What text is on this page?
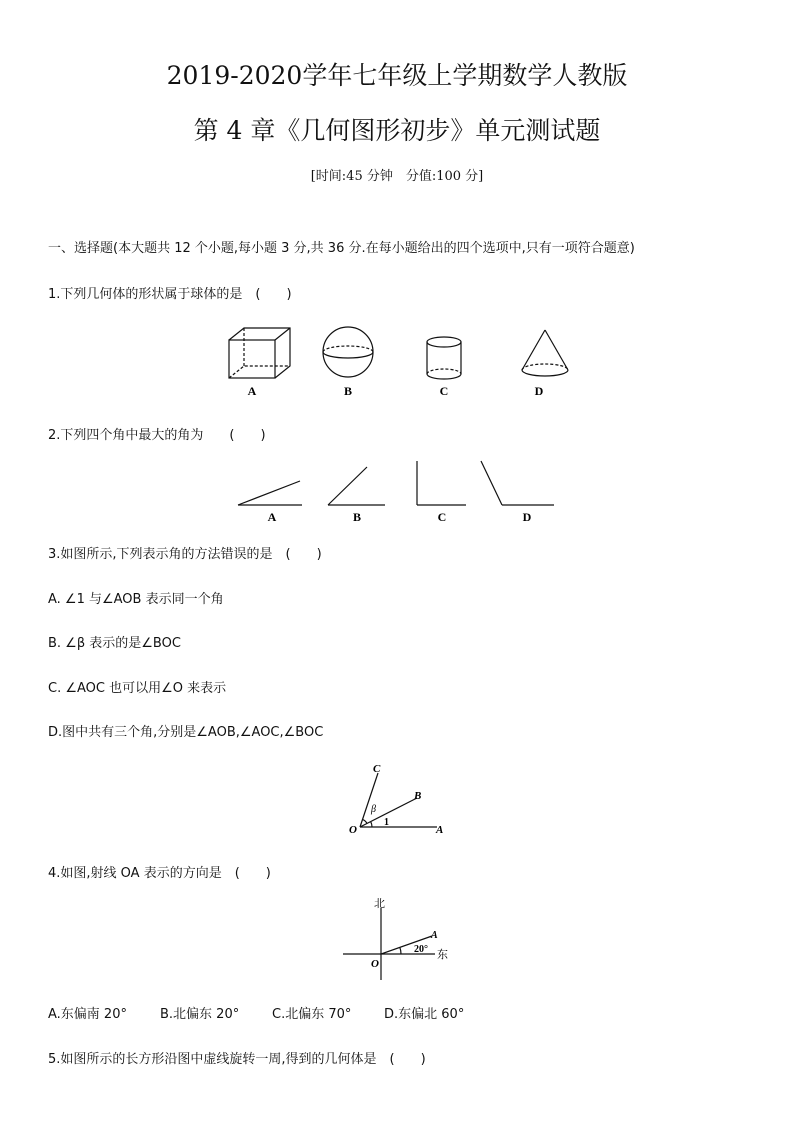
2019-2020学年七年级上学期数学人教版
第 4 章《几何图形初步》单元测试题
[时间:45 分钟　分值:100 分]
一、选择题(本大题共 12 个小题,每小题 3 分,共 36 分.在每小题给出的四个选项中,只有一项符合题意)
1.下列几何体的形状属于球体的是　(　　)
A	B	C	D
2.下列四个角中最大的角为　　(　　)
A	B	C	D
3.如图所示,下列表示角的方法错误的是　(　　)
A. ∠1 与∠AOB 表示同一个角
B. ∠β 表示的是∠BOC
C. ∠AOC 也可以用∠O 来表示
D.图中共有三个角,分别是∠AOB,∠AOC,∠BOC
C
B
O	A
β
1
4.如图,射线 OA 表示的方向是　(　　)
北
东
O
A
20°
A.东偏南 20°	B.北偏东 20°	C.北偏东 70°	D.东偏北 60°
5.如图所示的长方形沿图中虚线旋转一周,得到的几何体是　(　　)
